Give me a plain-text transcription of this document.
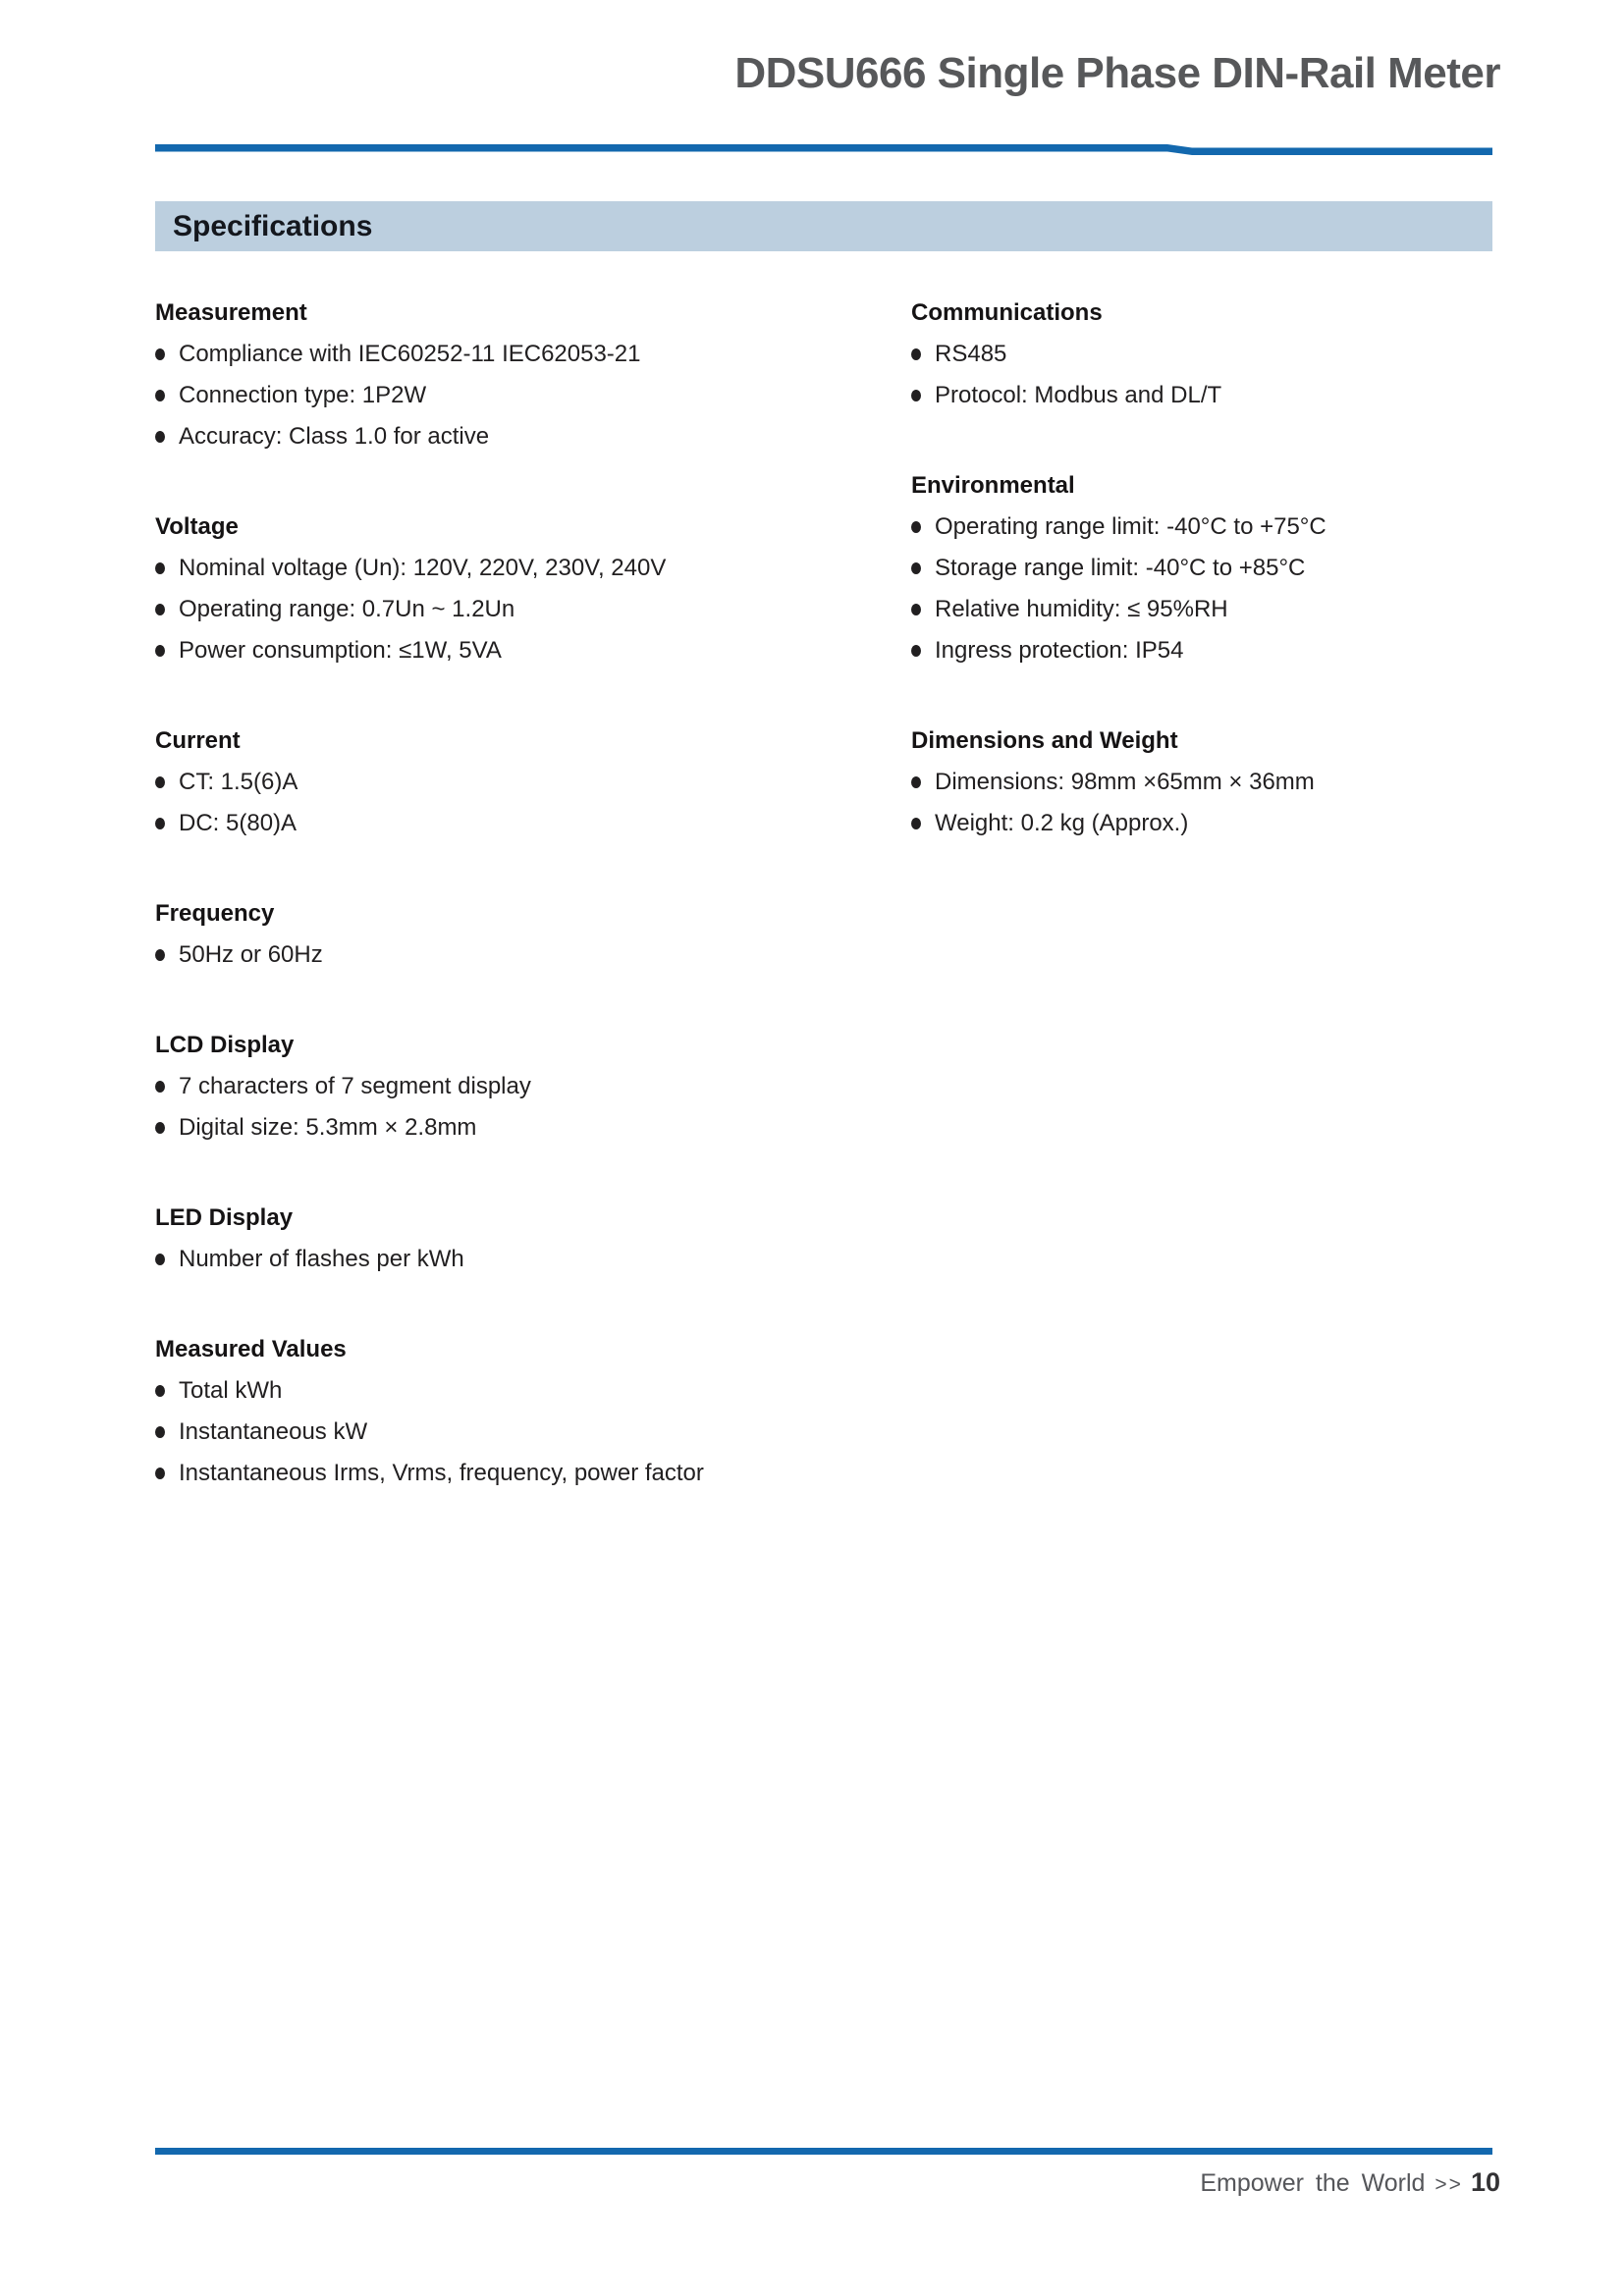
DDSU666 Single Phase DIN-Rail Meter
Specifications
Measurement
Compliance with IEC60252-11 IEC62053-21
Connection type: 1P2W
Accuracy: Class 1.0 for active
Voltage
Nominal voltage (Un): 120V, 220V, 230V, 240V
Operating range: 0.7Un ~ 1.2Un
Power consumption: ≤1W, 5VA
Current
CT: 1.5(6)A
DC: 5(80)A
Frequency
50Hz or 60Hz
LCD Display
7 characters of 7 segment display
Digital size: 5.3mm × 2.8mm
LED Display
Number of flashes per kWh
Measured Values
Total kWh
Instantaneous kW
Instantaneous Irms, Vrms, frequency, power factor
Communications
RS485
Protocol: Modbus and DL/T
Environmental
Operating range limit: -40°C to +75°C
Storage range limit: -40°C to +85°C
Relative humidity: ≤ 95%RH
Ingress protection: IP54
Dimensions and Weight
Dimensions: 98mm ×65mm × 36mm
Weight: 0.2 kg (Approx.)
Empower the World >> 10
